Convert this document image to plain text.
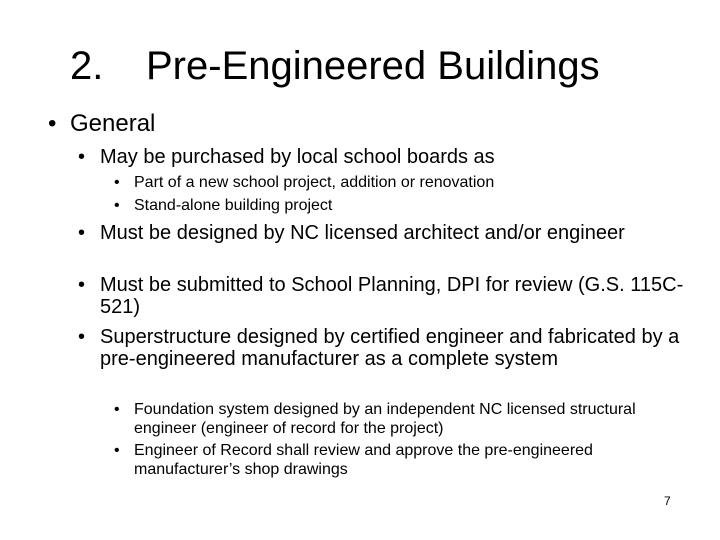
2. Pre-Engineered Buildings
• General
• May be purchased by local school boards as
• Part of a new school project, addition or renovation
• Stand-alone building project
• Must be designed by NC licensed architect and/or engineer
• Must be submitted to School Planning, DPI for review (G.S. 115C-521)
• Superstructure designed by certified engineer and fabricated by a pre-engineered manufacturer as a complete system
• Foundation system designed by an independent NC licensed structural engineer (engineer of record for the project)
• Engineer of Record shall review and approve the pre-engineered manufacturer’s shop drawings
7
